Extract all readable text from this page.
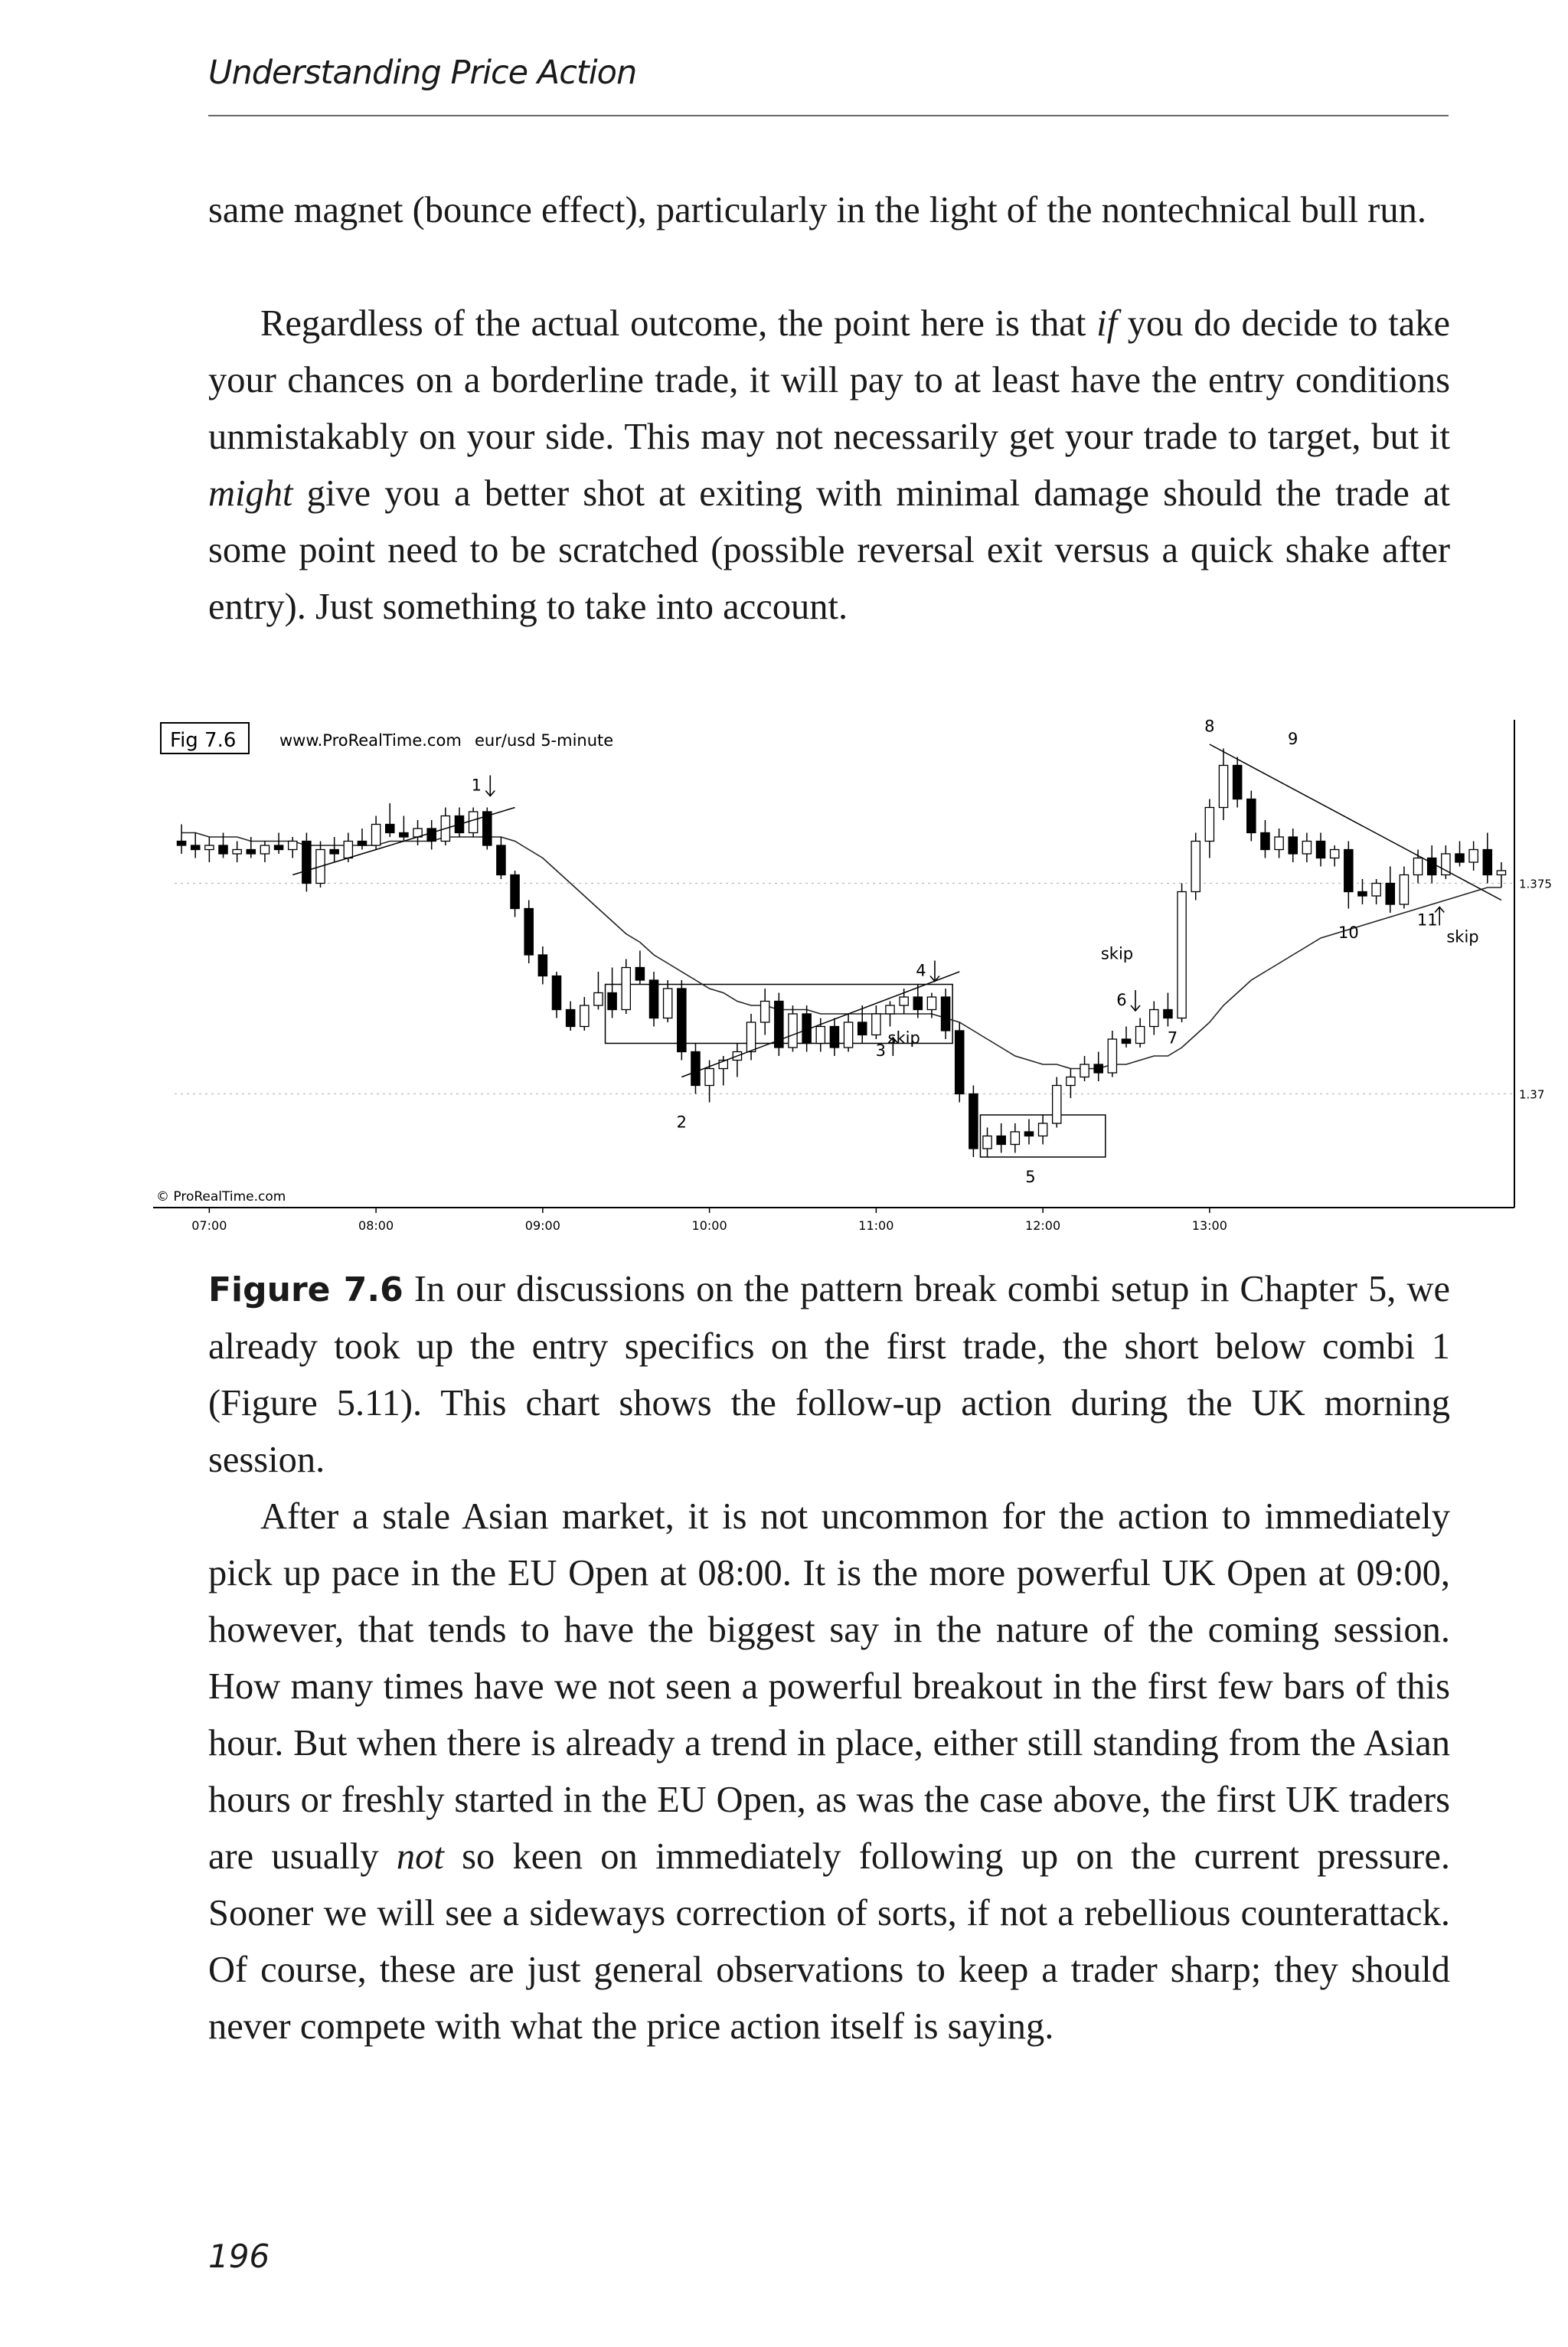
Understanding Price Action

same magnet (bounce effect), particularly in the light of the nontechnical bull run.

Regardless of the actual outcome, the point here is that if you do decide to take your chances on a borderline trade, it will pay to at least have the entry conditions unmistakably on your side. This may not necessarily get your trade to target, but it might give you a better shot at exiting with minimal damage should the trade at some point need to be scratched (possible reversal exit versus a quick shake after entry). Just something to take into account.

Fig 7.6	www.ProRealTime.com eur/usd 5-minute
© ProRealTime.com
1
2
3
4
5
6
7
8
9
10
11
skip
skip
skip
07:00	08:00	09:00	10:00	11:00	12:00	13:00
1.375
1.37

Figure 7.6 In our discussions on the pattern break combi setup in Chapter 5, we already took up the entry specifics on the first trade, the short below combi 1 (Figure 5.11). This chart shows the follow-up action during the UK morning session.

After a stale Asian market, it is not uncommon for the action to immediately pick up pace in the EU Open at 08:00. It is the more powerful UK Open at 09:00, however, that tends to have the biggest say in the nature of the coming session. How many times have we not seen a powerful breakout in the first few bars of this hour. But when there is already a trend in place, either still standing from the Asian hours or freshly started in the EU Open, as was the case above, the first UK traders are usually not so keen on immediately following up on the current pressure. Sooner we will see a sideways correction of sorts, if not a rebellious counterattack. Of course, these are just general observations to keep a trader sharp; they should never compete with what the price action itself is saying.

196
